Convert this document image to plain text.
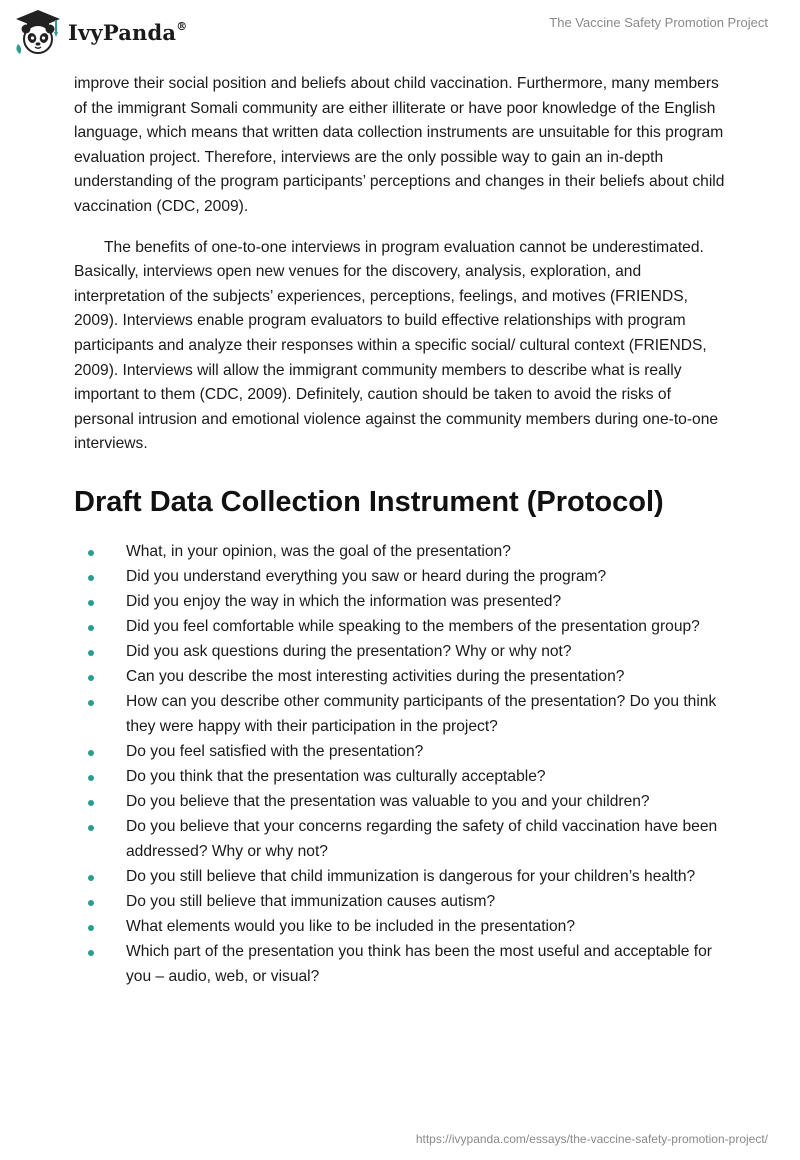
IvyPanda®	The Vaccine Safety Promotion Project

improve their social position and beliefs about child vaccination. Furthermore, many members of the immigrant Somali community are either illiterate or have poor knowledge of the English language, which means that written data collection instruments are unsuitable for this program evaluation project. Therefore, interviews are the only possible way to gain an in-depth understanding of the program participants’ perceptions and changes in their beliefs about child vaccination (CDC, 2009).

The benefits of one-to-one interviews in program evaluation cannot be underestimated. Basically, interviews open new venues for the discovery, analysis, exploration, and interpretation of the subjects’ experiences, perceptions, feelings, and motives (FRIENDS, 2009). Interviews enable program evaluators to build effective relationships with program participants and analyze their responses within a specific social/ cultural context (FRIENDS, 2009). Interviews will allow the immigrant community members to describe what is really important to them (CDC, 2009). Definitely, caution should be taken to avoid the risks of personal intrusion and emotional violence against the community members during one-to-one interviews.

Draft Data Collection Instrument (Protocol)
What, in your opinion, was the goal of the presentation?
Did you understand everything you saw or heard during the program?
Did you enjoy the way in which the information was presented?
Did you feel comfortable while speaking to the members of the presentation group?
Did you ask questions during the presentation? Why or why not?
Can you describe the most interesting activities during the presentation?
How can you describe other community participants of the presentation? Do you think they were happy with their participation in the project?
Do you feel satisfied with the presentation?
Do you think that the presentation was culturally acceptable?
Do you believe that the presentation was valuable to you and your children?
Do you believe that your concerns regarding the safety of child vaccination have been addressed? Why or why not?
Do you still believe that child immunization is dangerous for your children’s health?
Do you still believe that immunization causes autism?
What elements would you like to be included in the presentation?
Which part of the presentation you think has been the most useful and acceptable for you – audio, web, or visual?
https://ivypanda.com/essays/the-vaccine-safety-promotion-project/
